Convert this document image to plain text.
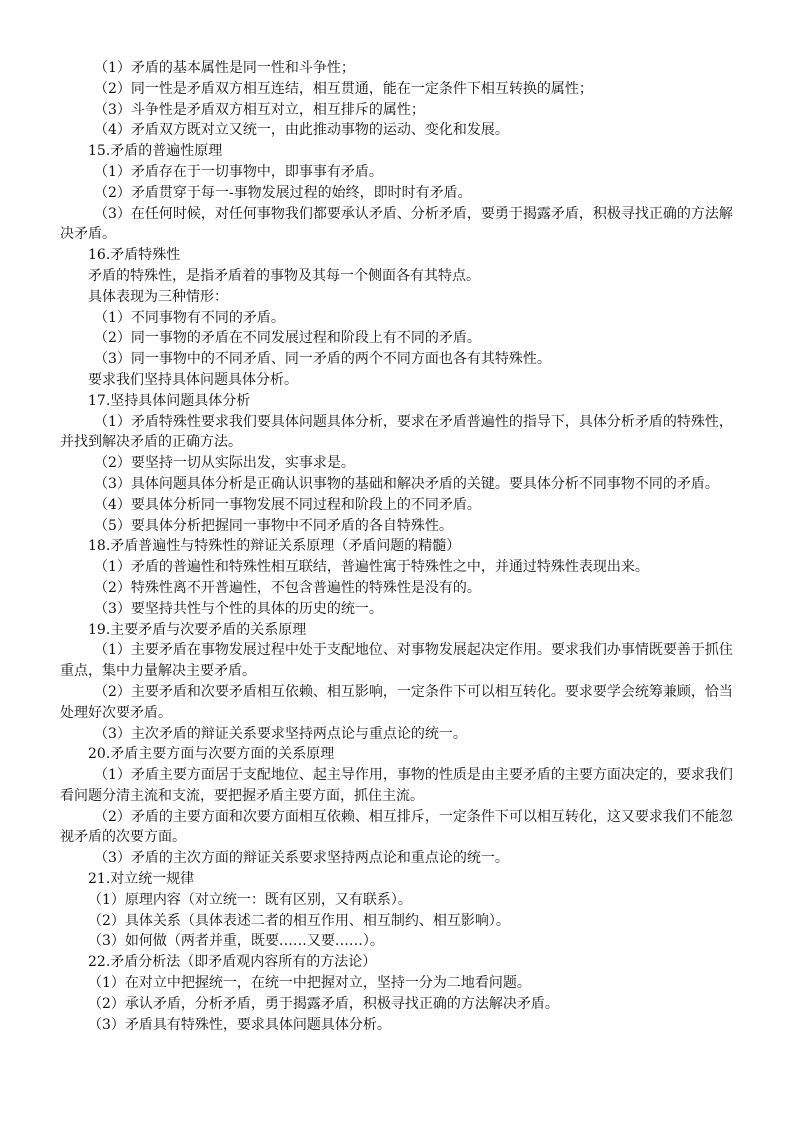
（1）矛盾的基本属性是同一性和斗争性；
（2）同一性是矛盾双方相互连结，相互贯通，能在一定条件下相互转换的属性；
（3）斗争性是矛盾双方相互对立，相互排斥的属性；
（4）矛盾双方既对立又统一，由此推动事物的运动、变化和发展。
15.矛盾的普遍性原理
（1）矛盾存在于一切事物中，即事事有矛盾。
（2）矛盾贯穿于每一-事物发展过程的始终，即时时有矛盾。
（3）在任何时候，对任何事物我们都要承认矛盾、分析矛盾，要勇于揭露矛盾，积极寻找正确的方法解决矛盾。
16.矛盾特殊性
矛盾的特殊性，是指矛盾着的事物及其每一个侧面各有其特点。
具体表现为三种情形：
（1）不同事物有不同的矛盾。
（2）同一事物的矛盾在不同发展过程和阶段上有不同的矛盾。
（3）同一事物中的不同矛盾、同一矛盾的两个不同方面也各有其特殊性。
要求我们坚持具体问题具体分析。
17.坚持具体问题具体分析
（1）矛盾特殊性要求我们要具体问题具体分析，要求在矛盾普遍性的指导下，具体分析矛盾的特殊性，并找到解决矛盾的正确方法。
（2）要坚持一切从实际出发，实事求是。
（3）具体问题具体分析是正确认识事物的基础和解决矛盾的关键。要具体分析不同事物不同的矛盾。
（4）要具体分析同一事物发展不同过程和阶段上的不同矛盾。
（5）要具体分析把握同一事物中不同矛盾的各自特殊性。
18.矛盾普遍性与特殊性的辩证关系原理（矛盾问题的精髓）
（1）矛盾的普遍性和特殊性相互联结，普遍性寓于特殊性之中，并通过特殊性表现出来。
（2）特殊性离不开普遍性，不包含普遍性的特殊性是没有的。
（3）要坚持共性与个性的具体的历史的统一。
19.主要矛盾与次要矛盾的关系原理
（1）主要矛盾在事物发展过程中处于支配地位、对事物发展起决定作用。要求我们办事情既要善于抓住重点，集中力量解决主要矛盾。
（2）主要矛盾和次要矛盾相互依赖、相互影响，一定条件下可以相互转化。要求要学会统筹兼顾，恰当处理好次要矛盾。
（3）主次矛盾的辩证关系要求坚持两点论与重点论的统一。
20.矛盾主要方面与次要方面的关系原理
（1）矛盾主要方面居于支配地位、起主导作用，事物的性质是由主要矛盾的主要方面决定的，要求我们看问题分清主流和支流，要把握矛盾主要方面，抓住主流。
（2）矛盾的主要方面和次要方面相互依赖、相互排斥，一定条件下可以相互转化，这又要求我们不能忽视矛盾的次要方面。
（3）矛盾的主次方面的辩证关系要求坚持两点论和重点论的统一。
21.对立统一规律
（1）原理内容（对立统一：既有区别，又有联系）。
（2）具体关系（具体表述二者的相互作用、相互制约、相互影响）。
（3）如何做（两者并重，既要……又要……）。
22.矛盾分析法（即矛盾观内容所有的方法论）
（1）在对立中把握统一，在统一中把握对立，坚持一分为二地看问题。
（2）承认矛盾，分析矛盾，勇于揭露矛盾，积极寻找正确的方法解决矛盾。
（3）矛盾具有特殊性，要求具体问题具体分析。
